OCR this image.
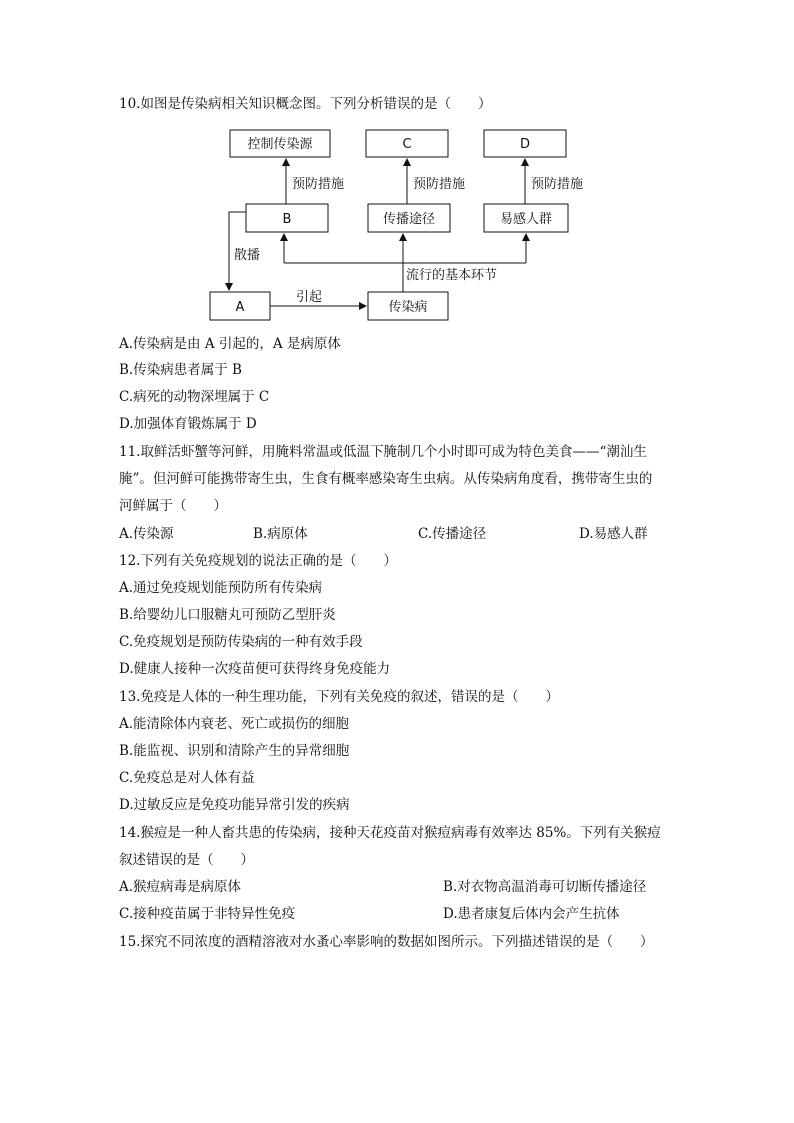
10.如图是传染病相关知识概念图。下列分析错误的是（　　）
控制传染源	C	D
预防措施	预防措施	预防措施
B	传播途径	易感人群
散播
A	传染病
引起
流行的基本环节
A.传染病是由 A 引起的，A 是病原体
B.传染病患者属于 B
C.病死的动物深埋属于 C
D.加强体育锻炼属于 D
11.取鲜活虾蟹等河鲜，用腌料常温或低温下腌制几个小时即可成为特色美食——“潮汕生
腌”。但河鲜可能携带寄生虫，生食有概率感染寄生虫病。从传染病角度看，携带寄生虫的
河鲜属于（　　）
A.传染源	B.病原体	C.传播途径	D.易感人群
12.下列有关免疫规划的说法正确的是（　　）
A.通过免疫规划能预防所有传染病
B.给婴幼儿口服糖丸可预防乙型肝炎
C.免疫规划是预防传染病的一种有效手段
D.健康人接种一次疫苗便可获得终身免疫能力
13.免疫是人体的一种生理功能，下列有关免疫的叙述，错误的是（　　）
A.能清除体内衰老、死亡或损伤的细胞
B.能监视、识别和清除产生的异常细胞
C.免疫总是对人体有益
D.过敏反应是免疫功能异常引发的疾病
14.猴痘是一种人畜共患的传染病，接种天花疫苗对猴痘病毒有效率达 85%。下列有关猴痘
叙述错误的是（　　）
A.猴痘病毒是病原体	B.对衣物高温消毒可切断传播途径
C.接种疫苗属于非特异性免疫	D.患者康复后体内会产生抗体
15.探究不同浓度的酒精溶液对水蚤心率影响的数据如图所示。下列描述错误的是（　　）
